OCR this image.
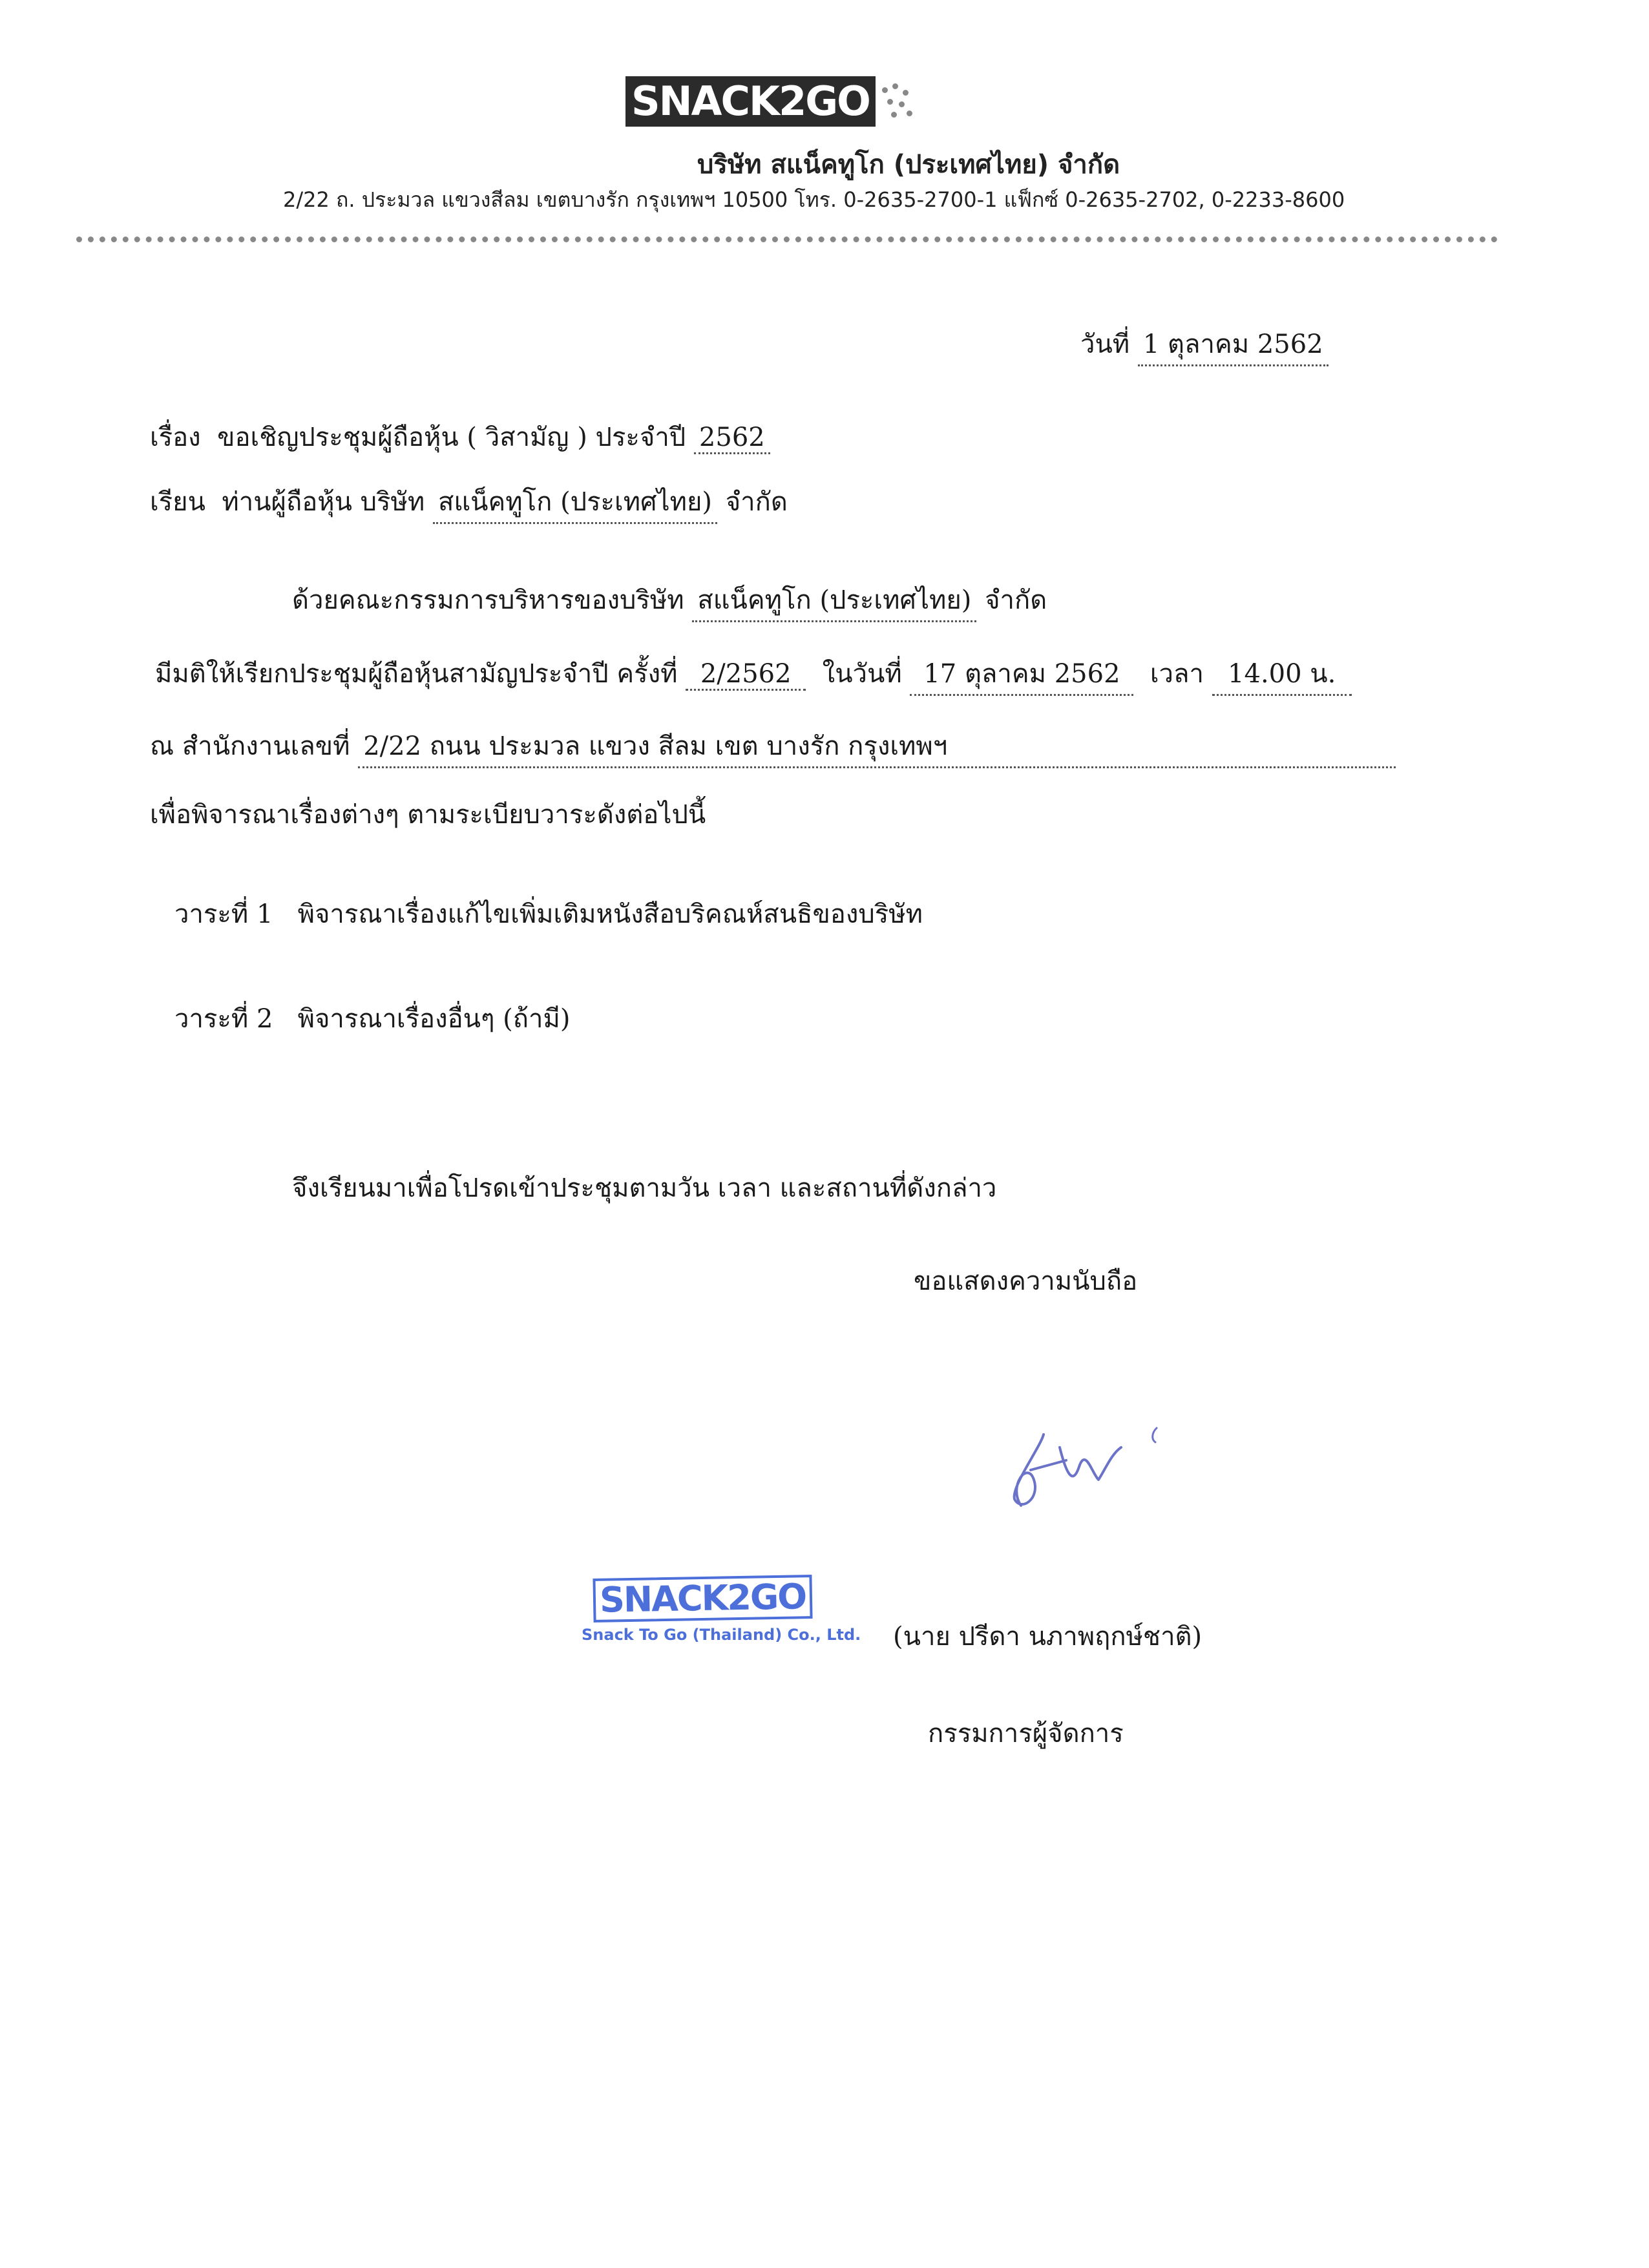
SNACK2GO
บริษัท สแน็คทูโก (ประเทศไทย) จำกัด
2/22 ถ. ประมวล แขวงสีลม เขตบางรัก กรุงเทพฯ 10500 โทร. 0-2635-2700-1 แฟ็กซ์ 0-2635-2702, 0-2233-8600
วันที่ 1 ตุลาคม 2562
เรื่อง ขอเชิญประชุมผู้ถือหุ้น ( วิสามัญ ) ประจำปี 2562
เรียน ท่านผู้ถือหุ้น บริษัท สแน็คทูโก (ประเทศไทย) จำกัด
ด้วยคณะกรรมการบริหารของบริษัท สแน็คทูโก (ประเทศไทย) จำกัด
มีมติให้เรียกประชุมผู้ถือหุ้นสามัญประจำปี ครั้งที่ 2/2562 ในวันที่ 17 ตุลาคม 2562 เวลา 14.00 น.
ณ สำนักงานเลขที่ 2/22 ถนน ประมวล แขวง สีลม เขต บางรัก กรุงเทพฯ
เพื่อพิจารณาเรื่องต่างๆ ตามระเบียบวาระดังต่อไปนี้
วาระที่ 1 พิจารณาเรื่องแก้ไขเพิ่มเติมหนังสือบริคณห์สนธิของบริษัท
วาระที่ 2 พิจารณาเรื่องอื่นๆ (ถ้ามี)
จึงเรียนมาเพื่อโปรดเข้าประชุมตามวัน เวลา และสถานที่ดังกล่าว
ขอแสดงความนับถือ
SNACK2GO
Snack To Go (Thailand) Co., Ltd. (นาย ปรีดา นภาพฤกษ์ชาติ)
กรรมการผู้จัดการ
